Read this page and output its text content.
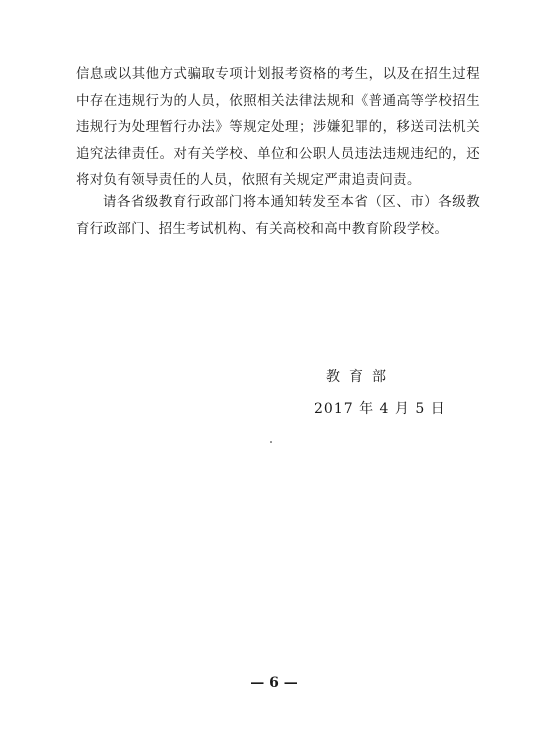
信息或以其他方式骗取专项计划报考资格的考生，以及在招生过程
中存在违规行为的人员，依照相关法律法规和《普通高等学校招生
违规行为处理暂行办法》等规定处理；涉嫌犯罪的，移送司法机关
追究法律责任。对有关学校、单位和公职人员违法违规违纪的，还
将对负有领导责任的人员，依照有关规定严肃追责问责。
请各省级教育行政部门将本通知转发至本省（区、市）各级教
育行政部门、招生考试机构、有关高校和高中教育阶段学校。
教育部
2017 年 4 月 5 日
— 6 —
